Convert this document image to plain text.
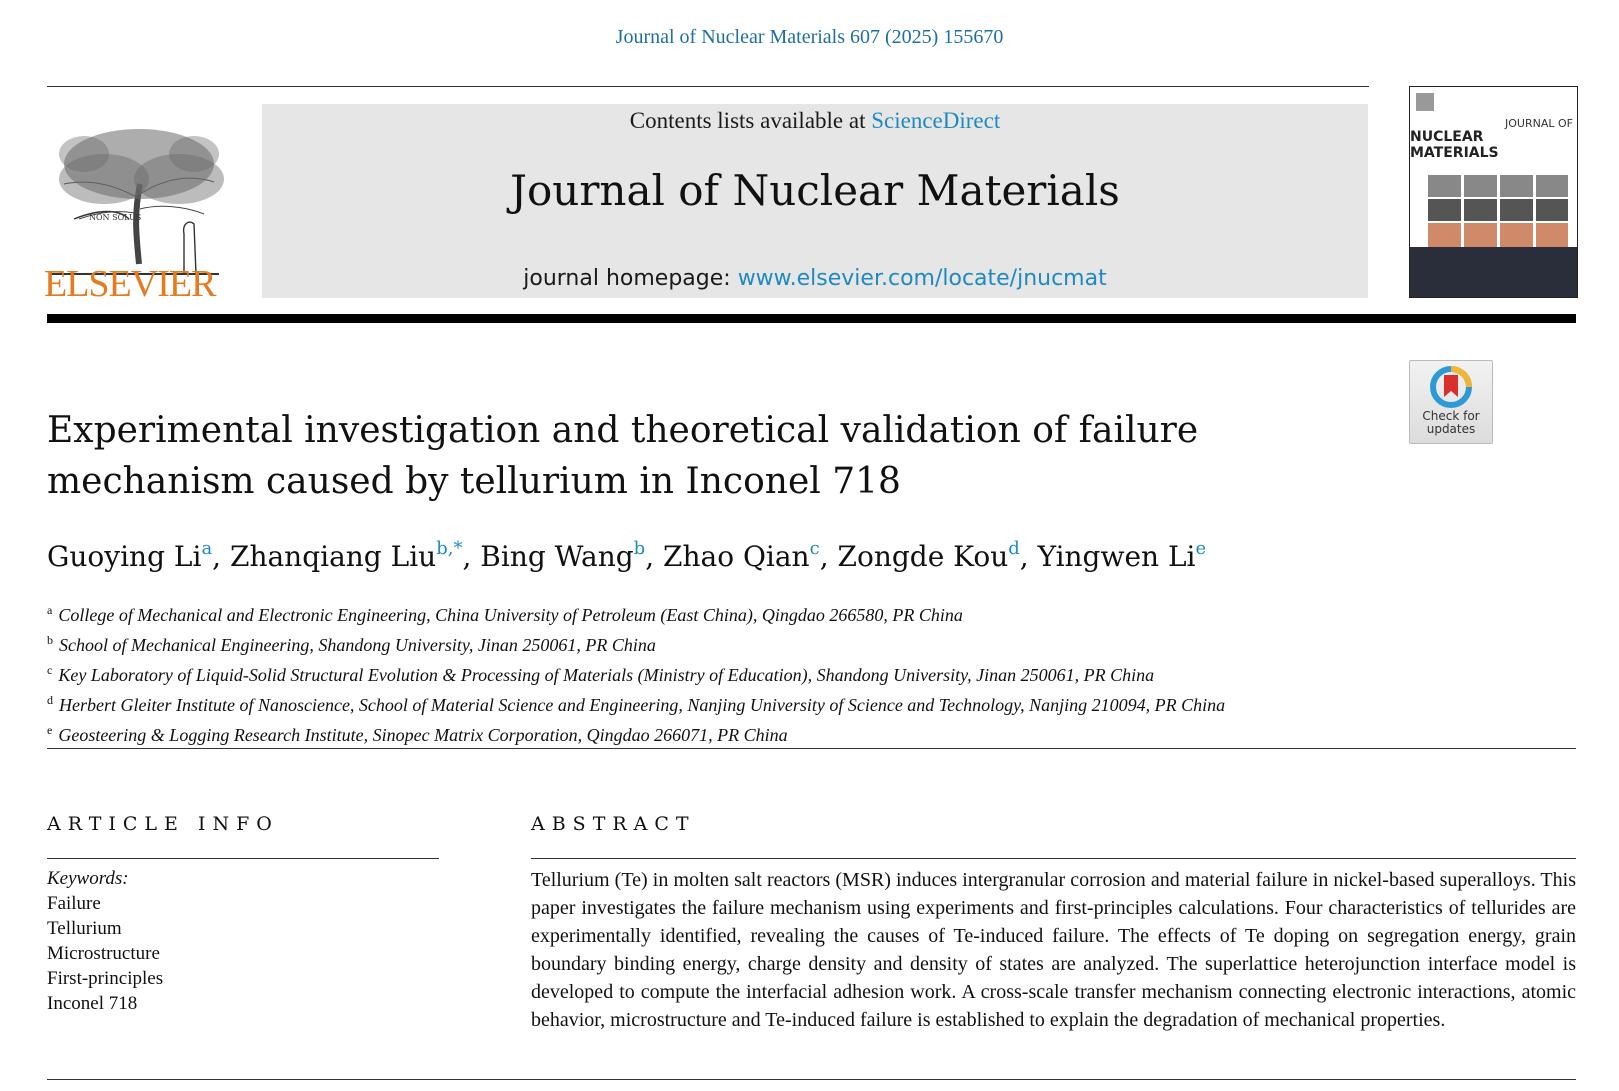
Journal of Nuclear Materials 607 (2025) 155670
NON SOLUS
ELSEVIER
Contents lists available at ScienceDirect
Journal of Nuclear Materials
journal homepage: www.elsevier.com/locate/jnucmat
JOURNAL OF
NUCLEAR MATERIALS
Check for
updates
Experimental investigation and theoretical validation of failure mechanism caused by tellurium in Inconel 718
Guoying Li$^a$, Zhanqiang Liu$^{b,*}$, Bing Wang$^b$, Zhao Qian$^c$, Zongde Kou$^d$, Yingwen Li$^e$
$^a$ College of Mechanical and Electronic Engineering, China University of Petroleum (East China), Qingdao 266580, PR China
$^b$ School of Mechanical Engineering, Shandong University, Jinan 250061, PR China
$^c$ Key Laboratory of Liquid-Solid Structural Evolution & Processing of Materials (Ministry of Education), Shandong University, Jinan 250061, PR China
$^d$ Herbert Gleiter Institute of Nanoscience, School of Material Science and Engineering, Nanjing University of Science and Technology, Nanjing 210094, PR China
$^e$ Geosteering & Logging Research Institute, Sinopec Matrix Corporation, Qingdao 266071, PR China
ARTICLE INFO
Keywords:
Failure
Tellurium
Microstructure
First-principles
Inconel 718
ABSTRACT
Tellurium (Te) in molten salt reactors (MSR) induces intergranular corrosion and material failure in nickel-based superalloys. This paper investigates the failure mechanism using experiments and first-principles calculations. Four characteristics of tellurides are experimentally identified, revealing the causes of Te-induced failure. The effects of Te doping on segregation energy, grain boundary binding energy, charge density and density of states are analyzed. The superlattice heterojunction interface model is developed to compute the interfacial adhesion work. A cross-scale transfer mechanism connecting electronic interactions, atomic behavior, microstructure and Te-induced failure is established to explain the degradation of mechanical properties.
